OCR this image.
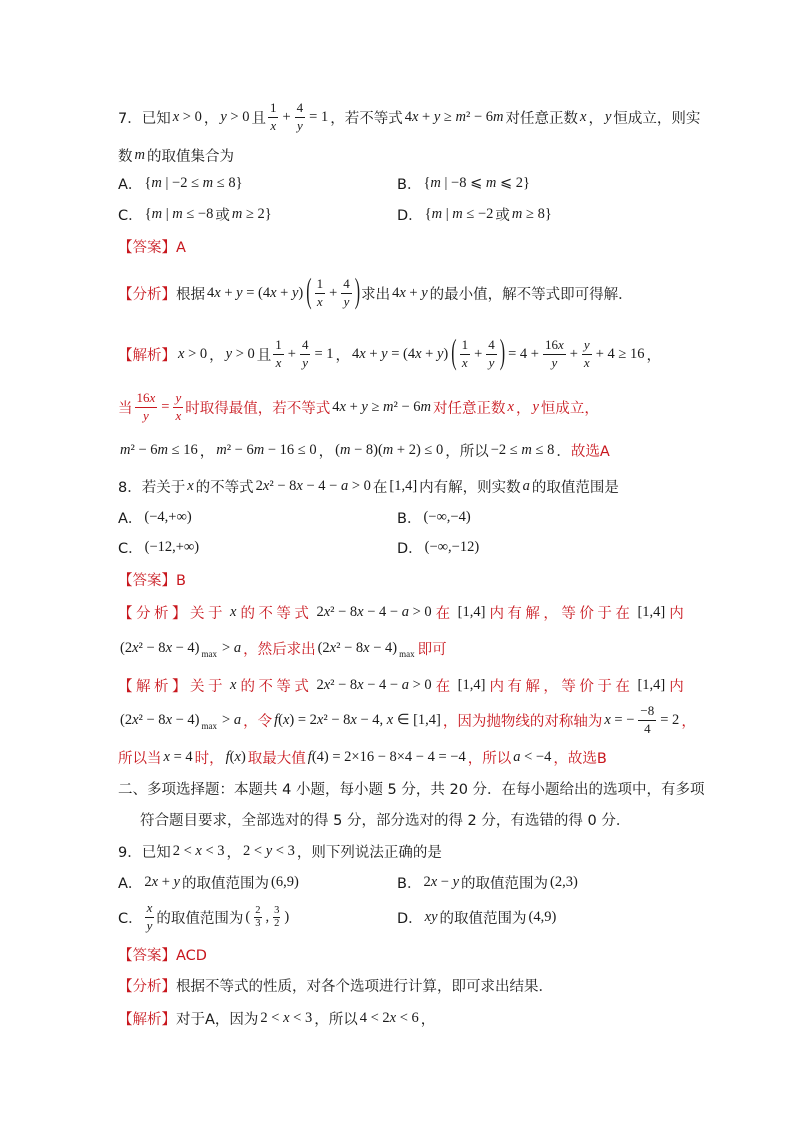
7．已知 x > 0 ， y > 0 且 $\frac{1}{x} + \frac{4}{y} = 1$ ，若不等式 4x + y ≥ m² − 6m 对任意正数 x ， y 恒成立，则实
数 m 的取值集合为
A． {m | −2 ≤ m ≤ 8}	B． {m | −8 ⩽ m ⩽ 2}
C． {m | m ≤ −8 或 m ≥ 2}	D． {m | m ≤ −2 或 m ≥ 8}
【答案】A
【分析】 根据 4x + y = (4x + y) ( $\frac{1}{x} + \frac{4}{y}$ ) 求出 4x + y 的最小值，解不等式即可得解．
【解析】 x > 0 ， y > 0 且 $\frac{1}{x} + \frac{4}{y} = 1$ ， 4x + y = (4x + y) ( $\frac{1}{x} + \frac{4}{y}$ ) = $4 + \frac{16x}{y} + \frac{y}{x} + 4 \ge 16$ ，
当 $\frac{16x}{y} = \frac{y}{x}$ 时取得最值，若不等式 4x + y ≥ m² − 6m 对任意正数 x ， y 恒成立，
m² − 6m ≤ 16 ， m² − 6m − 16 ≤ 0 ， (m − 8)(m + 2) ≤ 0 ，所以 −2 ≤ m ≤ 8 ． 故选A
8．若关于 x 的不等式 2x² − 8x − 4 − a > 0 在 [1,4] 内有解，则实数 a 的取值范围是
A． (−4,+∞)	B． (−∞,−4)
C． (−12,+∞)	D． (−∞,−12)
【答案】B
【分析】关于 x 的不等式 2x² − 8x − 4 − a > 0 在 [1,4] 内有解，等价于在 [1,4] 内
(2x² − 8x − 4) max > a ，然后求出 (2x² − 8x − 4) max 即可
【解析】关于 x 的不等式 2x² − 8x − 4 − a > 0 在 [1,4] 内有解，等价于在 [1,4] 内
(2x² − 8x − 4) max > a ，令 f(x) = 2x² − 8x − 4, x ∈ [1,4] ，因为抛物线的对称轴为 x = − $\frac{-8}{4} = 2$ ，
所以当 x = 4 时， f(x) 取最大值 f(4) = 2×16 − 8×4 − 4 = −4 ，所以 a < −4 ，故选B
二、多项选择题：本题共 4 小题，每小题 5 分，共 20 分．在每小题给出的选项中，有多项
符合题目要求，全部选对的得 5 分，部分选对的得 2 分，有选错的得 0 分．
9．已知 2 < x < 3 ， 2 < y < 3 ，则下列说法正确的是
A． 2x + y 的取值范围为 (6,9)	B． 2x − y 的取值范围为 (2,3)
C． $\frac{x}{y}$ 的取值范围为 ( $\frac{2}{3}$ , $\frac{3}{2}$ )	D． xy 的取值范围为 (4,9)
【答案】ACD
【分析】 根据不等式的性质，对各个选项进行计算，即可求出结果．
【解析】 对于A，因为 2 < x < 3 ，所以 4 < 2x < 6 ，
